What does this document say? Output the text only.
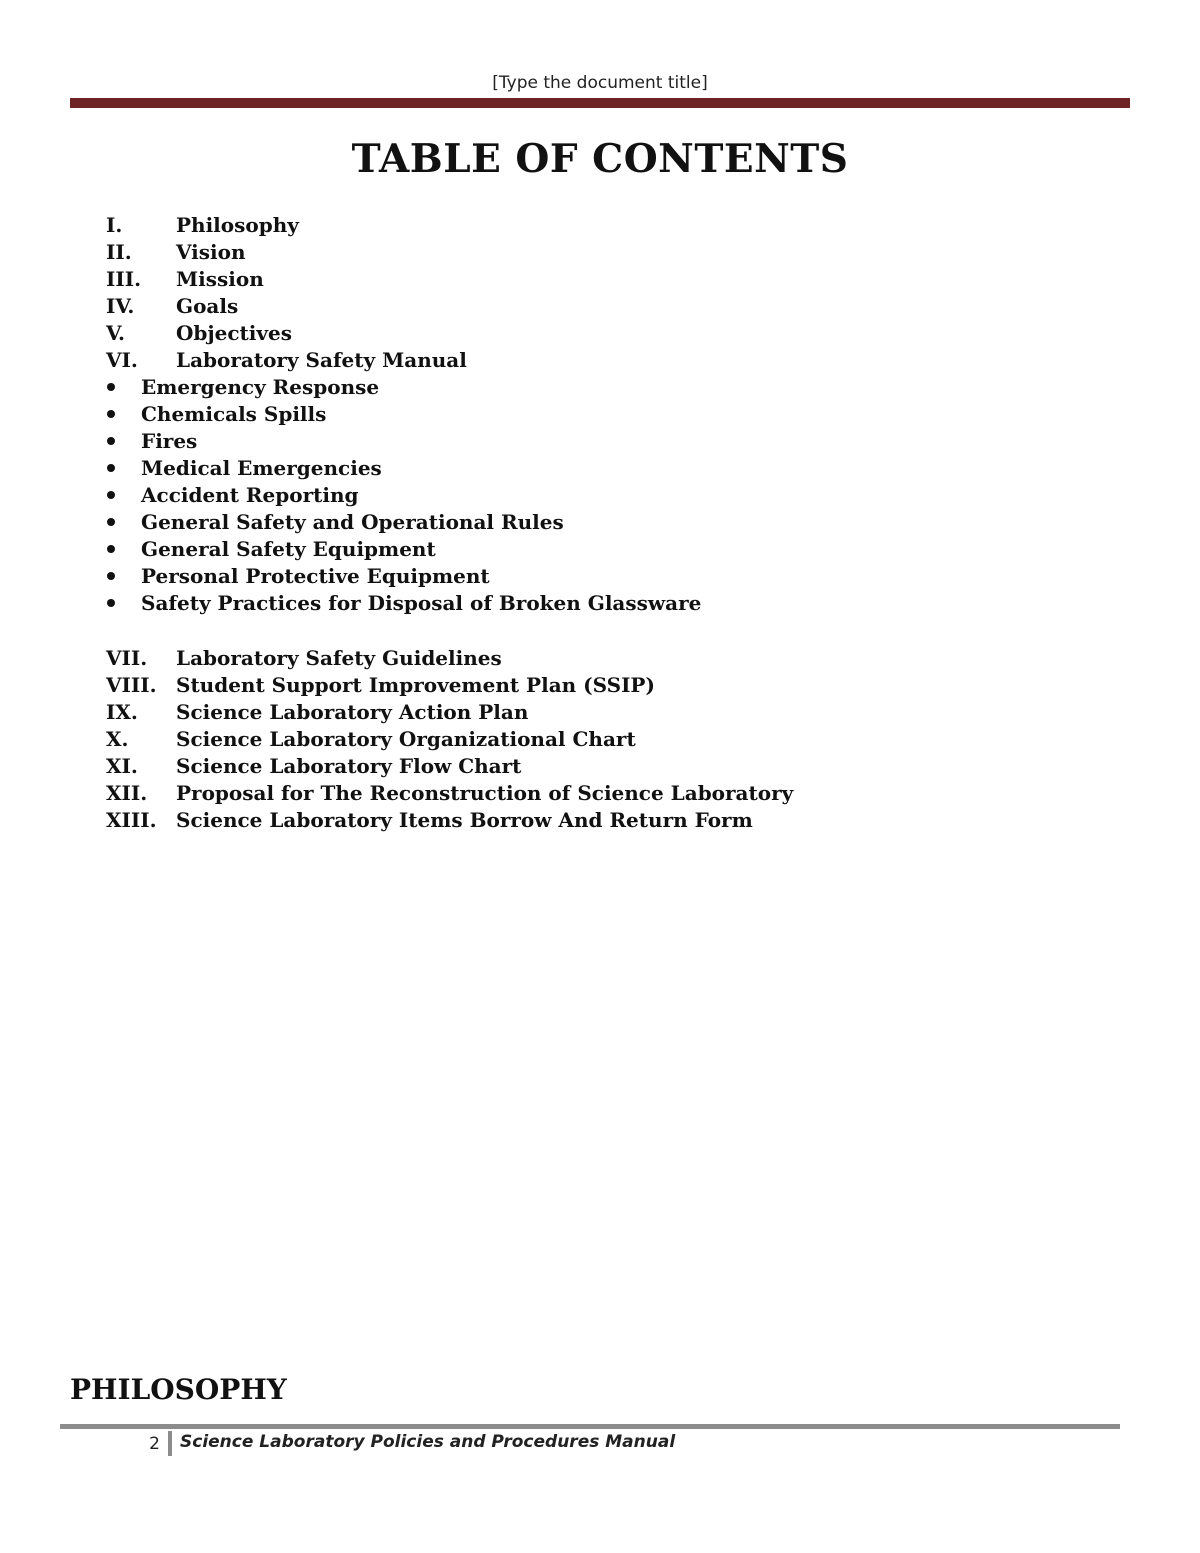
[Type the document title]
TABLE OF CONTENTS
I.	Philosophy
II. Vision
III. Mission
IV. Goals
V.	Objectives
VI. Laboratory Safety Manual
Emergency Response
Chemicals Spills
Fires
Medical Emergencies
Accident Reporting
General Safety and Operational Rules
General Safety Equipment
Personal Protective Equipment
Safety Practices for Disposal of Broken Glassware
VII. Laboratory Safety Guidelines
VIII. Student Support Improvement Plan (SSIP)
IX. Science Laboratory Action Plan
X. Science Laboratory Organizational Chart
XI. Science Laboratory Flow Chart
XII. Proposal for The Reconstruction of Science Laboratory
XIII. Science Laboratory Items Borrow And Return Form
PHILOSOPHY
2 Science Laboratory Policies and Procedures Manual
